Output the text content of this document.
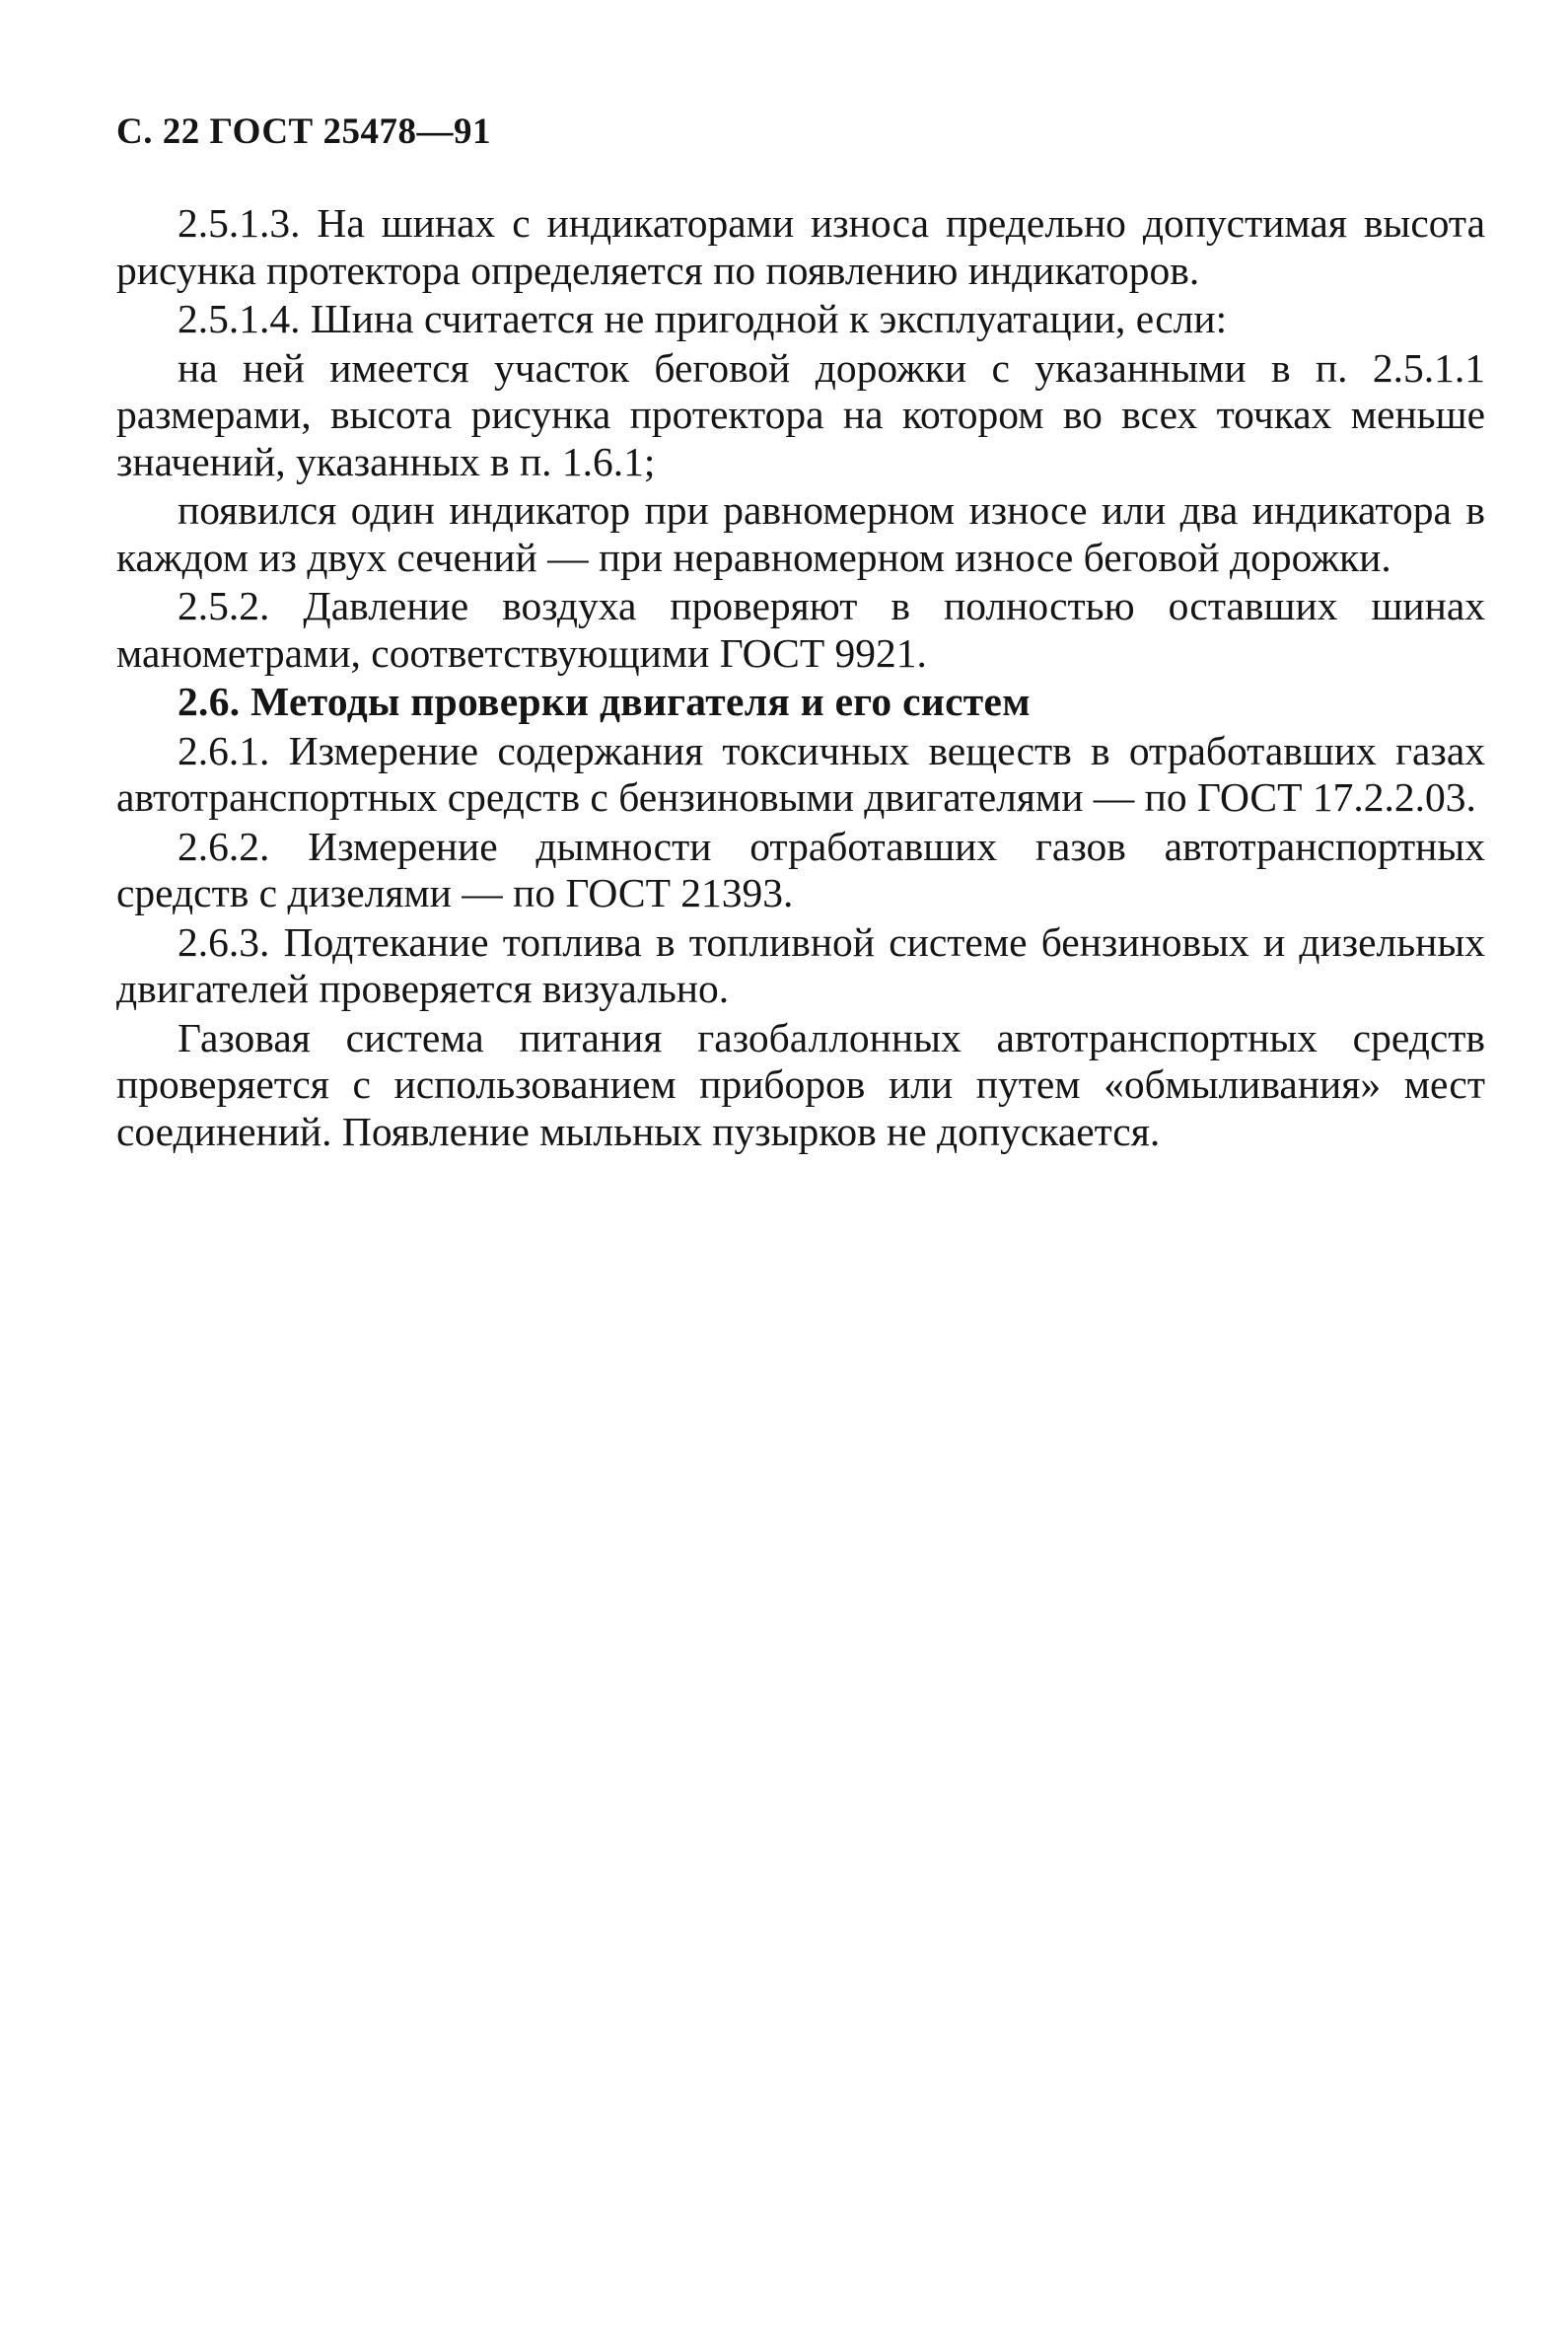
С. 22 ГОСТ 25478—91

2.5.1.3. На шинах с индикаторами износа предельно допустимая высота рисунка протектора определяется по появлению индикаторов.

2.5.1.4. Шина считается не пригодной к эксплуатации, если:

на ней имеется участок беговой дорожки с указанными в п. 2.5.1.1 размерами, высота рисунка протектора на котором во всех точках меньше значений, указанных в п. 1.6.1;

появился один индикатор при равномерном износе или два индикатора в каждом из двух сечений — при неравномерном износе беговой дорожки.

2.5.2. Давление воздуха проверяют в полностью оставших шинах манометрами, соответствующими ГОСТ 9921.

2.6. Методы проверки двигателя и его систем

2.6.1. Измерение содержания токсичных веществ в отработавших газах автотранспортных средств с бензиновыми двигателями — по ГОСТ 17.2.2.03.

2.6.2. Измерение дымности отработавших газов автотранспортных средств с дизелями — по ГОСТ 21393.

2.6.3. Подтекание топлива в топливной системе бензиновых и дизельных двигателей проверяется визуально.

Газовая система питания газобаллонных автотранспортных средств проверяется с использованием приборов или путем «обмыливания» мест соединений. Появление мыльных пузырков не допускается.
